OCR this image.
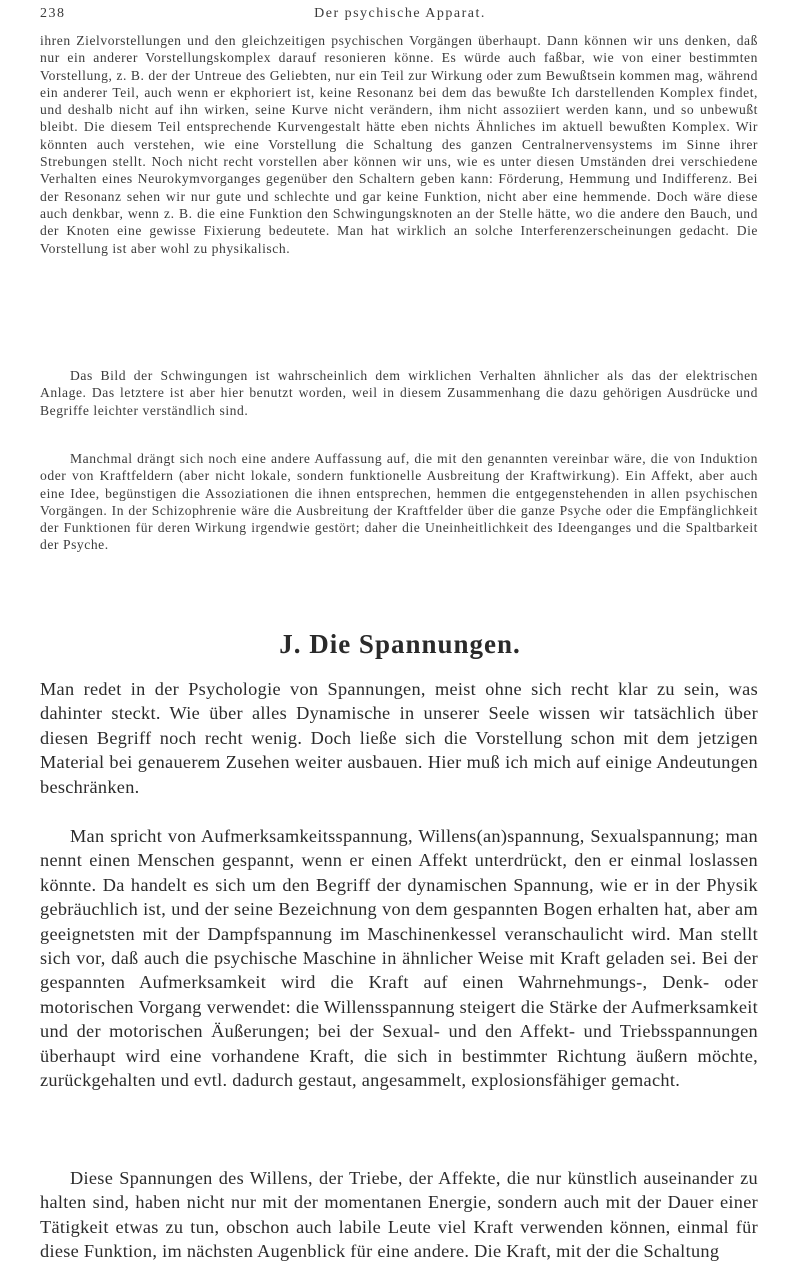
238	Der psychische Apparat.

ihren Zielvorstellungen und den gleichzeitigen psychischen Vorgängen überhaupt. Dann können wir uns denken, daß nur ein anderer Vorstellungskomplex darauf resonieren könne. Es würde auch faßbar, wie von einer bestimmten Vorstellung, z. B. der der Untreue des Geliebten, nur ein Teil zur Wirkung oder zum Bewußtsein kommen mag, während ein anderer Teil, auch wenn er ekphoriert ist, keine Resonanz bei dem das bewußte Ich darstellenden Komplex findet, und deshalb nicht auf ihn wirken, seine Kurve nicht verändern, ihm nicht assoziiert werden kann, und so unbewußt bleibt. Die diesem Teil entsprechende Kurvengestalt hätte eben nichts Ähnliches im aktuell bewußten Komplex. Wir könnten auch verstehen, wie eine Vorstellung die Schaltung des ganzen Centralnervensystems im Sinne ihrer Strebungen stellt. Noch nicht recht vorstellen aber können wir uns, wie es unter diesen Umständen drei verschiedene Verhalten eines Neurokymvorganges gegenüber den Schaltern geben kann: Förderung, Hemmung und Indifferenz. Bei der Resonanz sehen wir nur gute und schlechte und gar keine Funktion, nicht aber eine hemmende. Doch wäre diese auch denkbar, wenn z. B. die eine Funktion den Schwingungsknoten an der Stelle hätte, wo die andere den Bauch, und der Knoten eine gewisse Fixierung bedeutete. Man hat wirklich an solche Interferenzerscheinungen gedacht. Die Vorstellung ist aber wohl zu physikalisch.

Das Bild der Schwingungen ist wahrscheinlich dem wirklichen Verhalten ähnlicher als das der elektrischen Anlage. Das letztere ist aber hier benutzt worden, weil in diesem Zusammenhang die dazu gehörigen Ausdrücke und Begriffe leichter verständlich sind.

Manchmal drängt sich noch eine andere Auffassung auf, die mit den genannten vereinbar wäre, die von Induktion oder von Kraftfeldern (aber nicht lokale, sondern funktionelle Ausbreitung der Kraftwirkung). Ein Affekt, aber auch eine Idee, begünstigen die Assoziationen die ihnen entsprechen, hemmen die entgegenstehenden in allen psychischen Vorgängen. In der Schizophrenie wäre die Ausbreitung der Kraftfelder über die ganze Psyche oder die Empfänglichkeit der Funktionen für deren Wirkung irgendwie gestört; daher die Uneinheitlichkeit des Ideenganges und die Spaltbarkeit der Psyche.

J. Die Spannungen.

Man redet in der Psychologie von Spannungen, meist ohne sich recht klar zu sein, was dahinter steckt. Wie über alles Dynamische in unserer Seele wissen wir tatsächlich über diesen Begriff noch recht wenig. Doch ließe sich die Vorstellung schon mit dem jetzigen Material bei genauerem Zusehen weiter ausbauen. Hier muß ich mich auf einige Andeutungen beschränken.

Man spricht von Aufmerksamkeitsspannung, Willens(an)spannung, Sexualspannung; man nennt einen Menschen gespannt, wenn er einen Affekt unterdrückt, den er einmal loslassen könnte. Da handelt es sich um den Begriff der dynamischen Spannung, wie er in der Physik gebräuchlich ist, und der seine Bezeichnung von dem gespannten Bogen erhalten hat, aber am geeignetsten mit der Dampfspannung im Maschinenkessel veranschaulicht wird. Man stellt sich vor, daß auch die psychische Maschine in ähnlicher Weise mit Kraft geladen sei. Bei der gespannten Aufmerksamkeit wird die Kraft auf einen Wahrnehmungs-, Denk- oder motorischen Vorgang verwendet: die Willensspannung steigert die Stärke der Aufmerksamkeit und der motorischen Äußerungen; bei der Sexual- und den Affekt- und Triebsspannungen überhaupt wird eine vorhandene Kraft, die sich in bestimmter Richtung äußern möchte, zurückgehalten und evtl. dadurch gestaut, angesammelt, explosionsfähiger gemacht.

Diese Spannungen des Willens, der Triebe, der Affekte, die nur künstlich auseinander zu halten sind, haben nicht nur mit der momentanen Energie, sondern auch mit der Dauer einer Tätigkeit etwas zu tun, obschon auch labile Leute viel Kraft verwenden können, einmal für diese Funktion, im nächsten Augenblick für eine andere. Die Kraft, mit der die Schaltung
